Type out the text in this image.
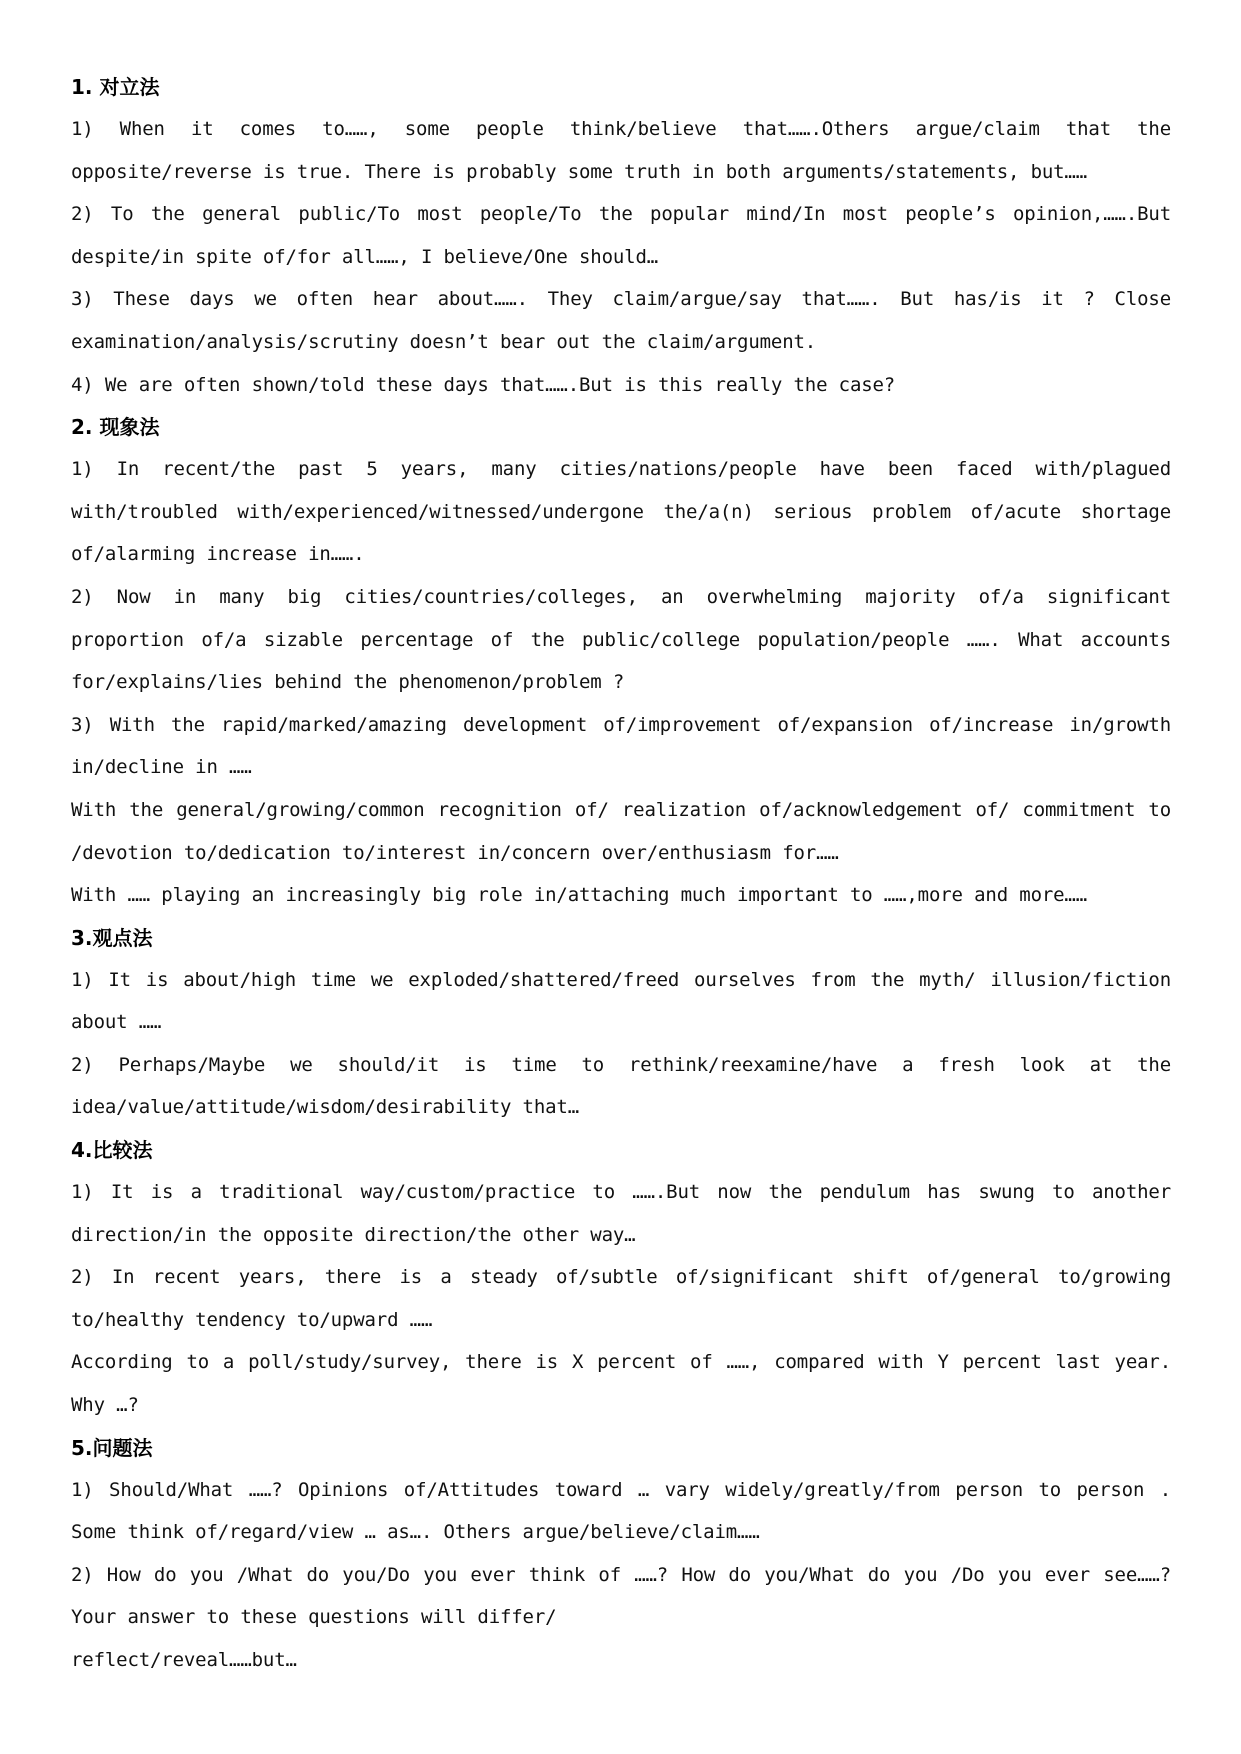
1. 对立法

1) When it comes to……, some people think/believe that…….Others argue/claim that the opposite/reverse is true. There is probably some truth in both arguments/statements, but……

2) To the general public/To most people/To the popular mind/In most people’s opinion,…….But despite/in spite of/for all……, I believe/One should…

3) These days we often hear about……. They claim/argue/say that……. But has/is it ? Close examination/analysis/scrutiny doesn’t bear out the claim/argument.

4) We are often shown/told these days that…….But is this really the case?

2. 现象法

1) In recent/the past 5 years, many cities/nations/people have been faced with/plagued with/troubled with/experienced/witnessed/undergone the/a(n) serious problem of/acute shortage of/alarming increase in…….

2) Now in many big cities/countries/colleges, an overwhelming majority of/a significant proportion of/a sizable percentage of the public/college population/people ……. What accounts for/explains/lies behind the phenomenon/problem ?

3) With the rapid/marked/amazing development of/improvement of/expansion of/increase in/growth in/decline in ……

With the general/growing/common recognition of/ realization of/acknowledgement of/ commitment to /devotion to/dedication to/interest in/concern over/enthusiasm for……

With …… playing an increasingly big role in/attaching much important to ……,more and more……

3.观点法

1) It is about/high time we exploded/shattered/freed ourselves from the myth/ illusion/fiction about ……

2) Perhaps/Maybe we should/it is time to rethink/reexamine/have a fresh look at the idea/value/attitude/wisdom/desirability that…

4.比较法

1) It is a traditional way/custom/practice to …….But now the pendulum has swung to another direction/in the opposite direction/the other way…

2) In recent years, there is a steady of/subtle of/significant shift of/general to/growing to/healthy tendency to/upward ……

According to a poll/study/survey, there is X percent of ……, compared with Y percent last year. Why …?

5.问题法

1) Should/What ……? Opinions of/Attitudes toward … vary widely/greatly/from person to person . Some think of/regard/view … as…. Others argue/believe/claim……

2) How do you /What do you/Do you ever think of ……? How do you/What do you /Do you ever see……? Your answer to these questions will differ/

reflect/reveal……but…
